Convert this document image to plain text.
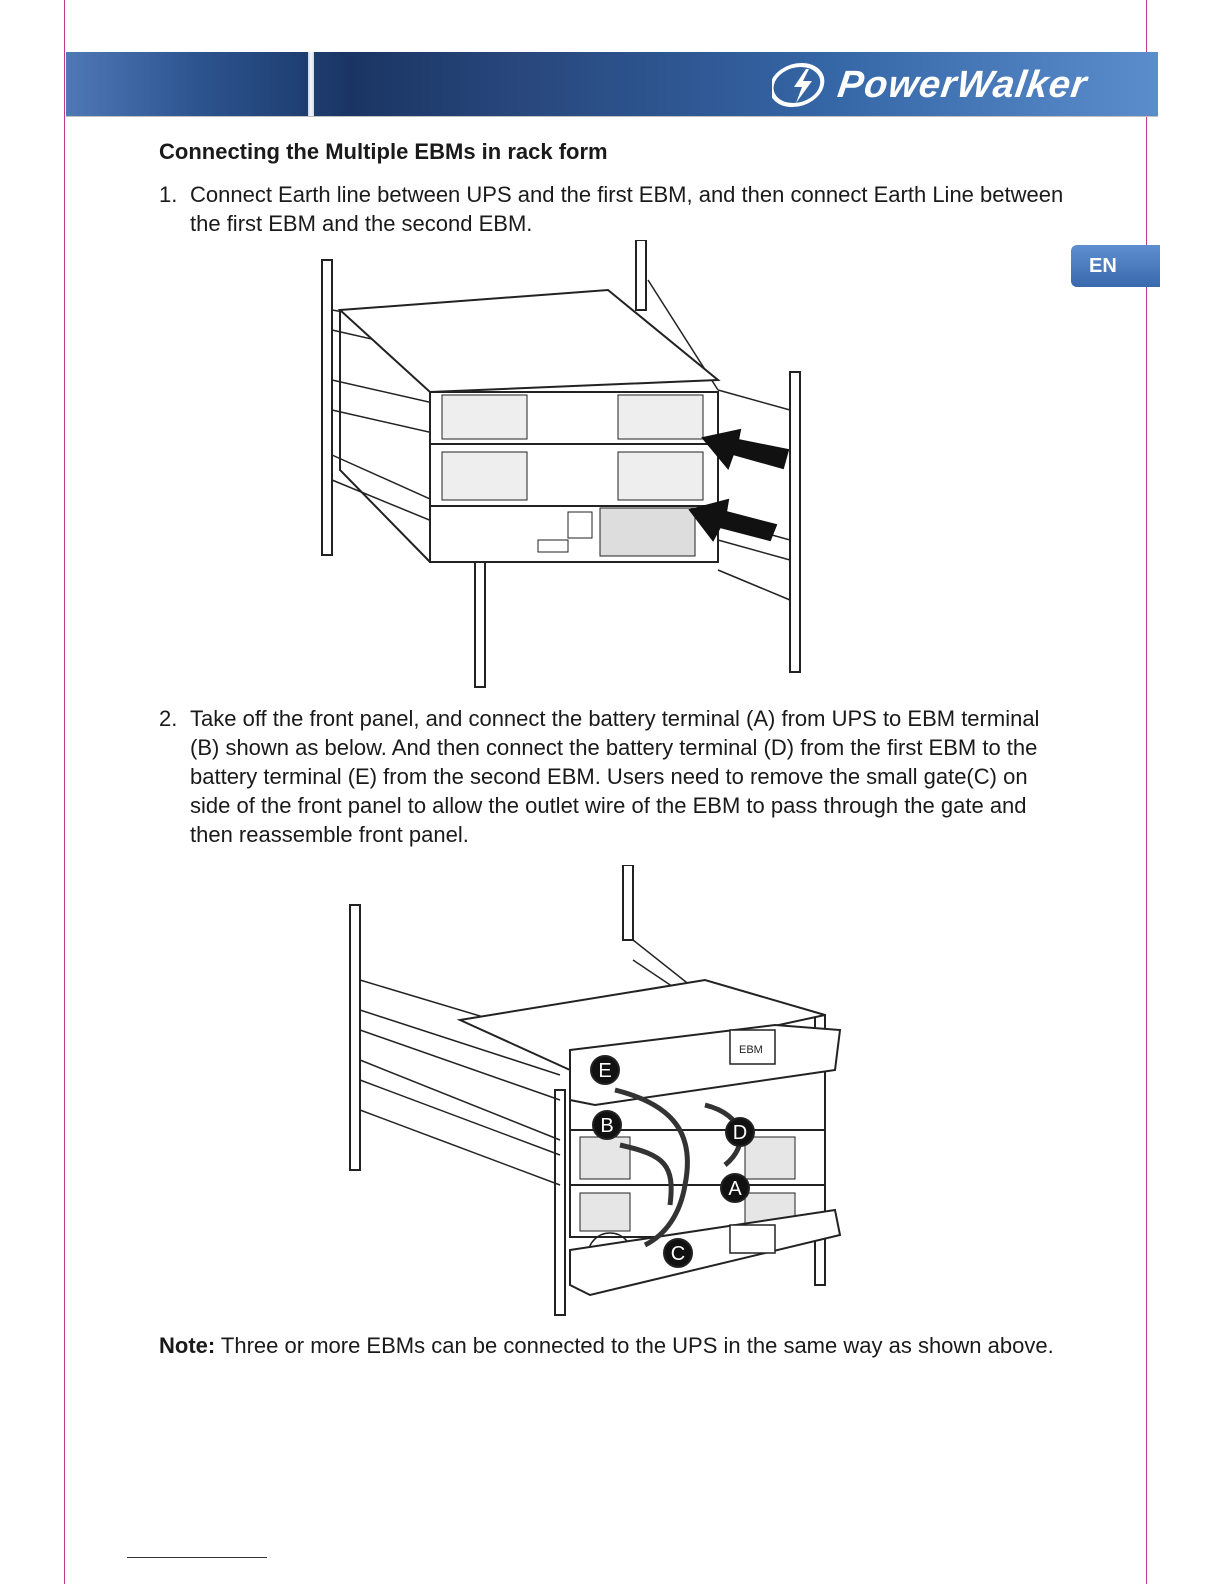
PowerWalker
EN
Connecting the Multiple EBMs in rack form
1. Connect Earth line between UPS and the first EBM, and then connect Earth Line between the first EBM and the second EBM.
2. Take off the front panel, and connect the battery terminal (A) from UPS to EBM terminal (B) shown as below. And then connect the battery terminal (D) from the first EBM to the battery terminal (E) from the second EBM. Users need to remove the small gate(C) on side of the front panel to allow the outlet wire of the EBM to pass through the gate and then reassemble front panel.
EBM
E
B	D
A
C
Note: Three or more EBMs can be connected to the UPS in the same way as shown above.
